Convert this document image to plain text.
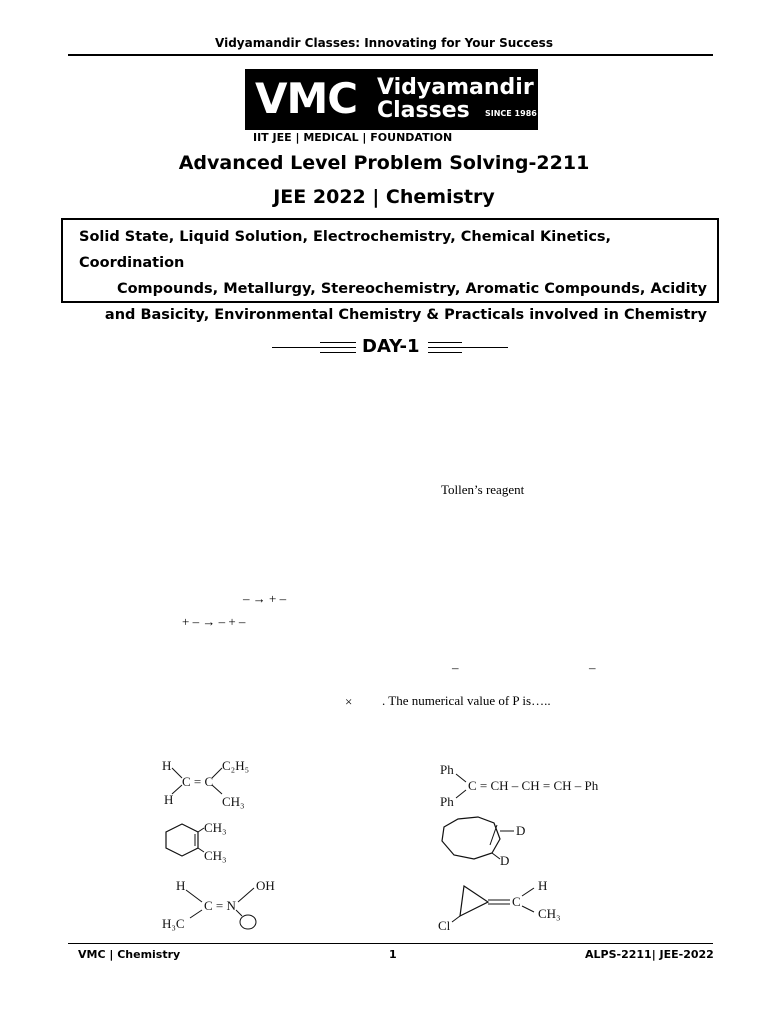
Vidyamandir Classes: Innovating for Your Success
VMC Vidyamandir
Classes SINCE 1986
IIT JEE | MEDICAL | FOUNDATION
Advanced Level Problem Solving-2211
JEE 2022 | Chemistry
Solid State, Liquid Solution, Electrochemistry, Chemical Kinetics, Coordination
Compounds, Metallurgy, Stereochemistry, Aromatic Compounds, Acidity
and Basicity, Environmental Chemistry & Practicals involved in Chemistry
DAY-1
Tollen’s reagent
– → + –
+ – → – + –
–	–
× . The numerical value of P is…..
H
H
C = C
C₂H₅
CH₃
Ph
Ph
C = CH – CH = CH – Ph
CH₃
CH₃
D
D
H
H₃C
C = N
OH
Cl
C
H
CH₃
VMC | Chemistry	1	ALPS-2211| JEE-2022
